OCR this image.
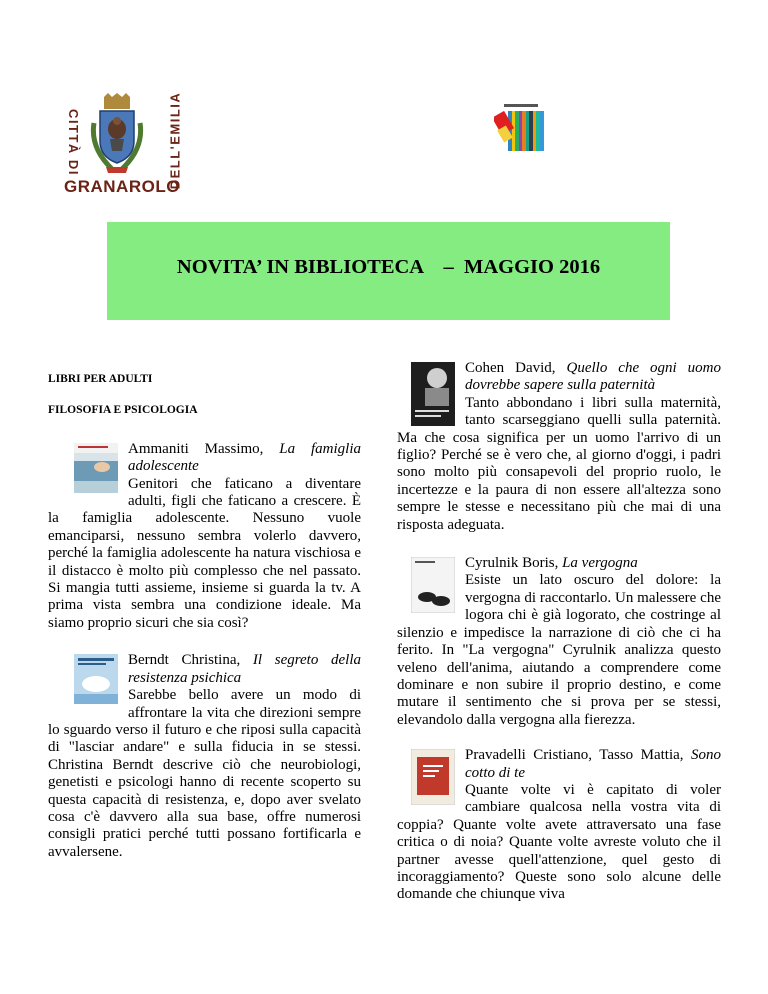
CITTÀ DI	DELL'EMILIA
GRANAROLO
NOVITA’ IN BIBLIOTECA    –  MAGGIO 2016

LIBRI PER ADULTI

FILOSOFIA E PSICOLOGIA

Ammaniti Massimo, La famiglia adolescente

Genitori che faticano a diventare adulti, figli che faticano a crescere. È la famiglia adolescente. Nessuno vuole emanciparsi, nessuno sembra volerlo davvero, perché la famiglia adolescente ha natura vischiosa e il distacco è molto più complesso che nel passato. Si mangia tutti assieme, insieme si guarda la tv. A prima vista sembra una condizione ideale. Ma siamo proprio sicuri che sia così?

Berndt Christina, Il segreto della resistenza psichica

Sarebbe bello avere un modo di affrontare la vita che direzioni sempre lo sguardo verso il futuro e che riposi sulla capacità di "lasciar andare" e sulla fiducia in se stessi. Christina Berndt descrive ciò che neurobiologi, genetisti e psicologi hanno di recente scoperto su questa capacità di resistenza, e, dopo aver svelato cosa c'è davvero alla sua base, offre numerosi consigli pratici perché tutti possano fortificarla e avvalersene.

Cohen David, Quello che ogni uomo dovrebbe sapere sulla paternità

Tanto abbondano i libri sulla maternità, tanto scarseggiano quelli sulla paternità. Ma che cosa significa per un uomo l'arrivo di un figlio? Perché se è vero che, al giorno d'oggi, i padri sono molto più consapevoli del proprio ruolo, le incertezze e la paura di non essere all'altezza sono sempre le stesse e necessitano più che mai di una risposta adeguata.

Cyrulnik Boris, La vergogna

Esiste un lato oscuro del dolore: la vergogna di raccontarlo. Un malessere che logora chi è già logorato, che costringe al silenzio e impedisce la narrazione di ciò che ci ha ferito. In "La vergogna" Cyrulnik analizza questo veleno dell'anima, aiutando a comprendere come dominare e non subire il proprio destino, e come mutare il sentimento che si prova per se stessi, elevandolo dalla vergogna alla fierezza.

Pravadelli Cristiano, Tasso Mattia, Sono cotto di te

Quante volte vi è capitato di voler cambiare qualcosa nella vostra vita di coppia? Quante volte avete attraversato una fase critica o di noia? Quante volte avreste voluto che il partner avesse quell'attenzione, quel gesto di incoraggiamento? Queste sono solo alcune delle domande che chiunque viva
